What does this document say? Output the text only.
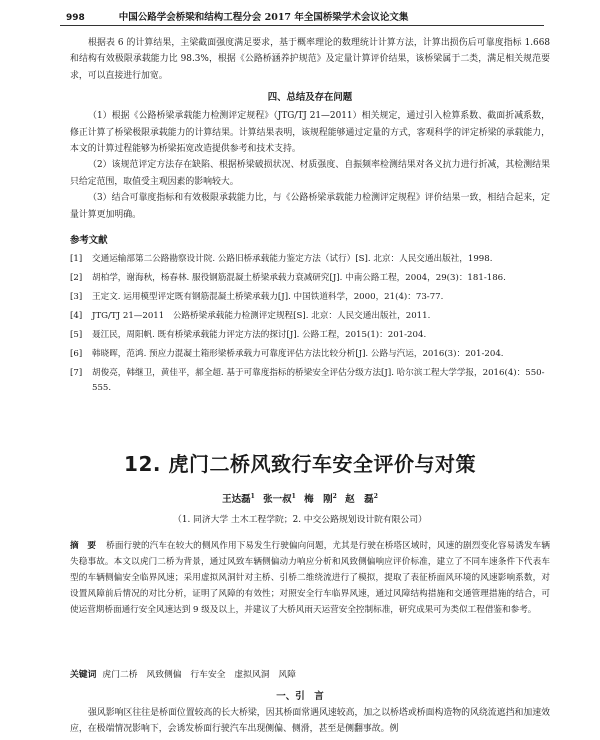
998	中国公路学会桥梁和结构工程分会 2017 年全国桥梁学术会议论文集

根据表 6 的计算结果，主梁截面强度满足要求，基于概率理论的数理统计计算方法，计算出损伤后可靠度指标 1.668 和结构有效极限承载能力比 98.3%，根据《公路桥涵养护规范》及定量计算评价结果，该桥梁属于二类，满足相关规范要求，可以直接进行加宽。

四、总结及存在问题

（1）根据《公路桥梁承载能力检测评定规程》（JTG/TJ 21—2011）相关规定，通过引入检算系数、截面折减系数，修正计算了桥梁极限承载能力的计算结果。计算结果表明，该规程能够通过定量的方式，客观科学的评定桥梁的承载能力，本文的计算过程能够为桥梁拓宽改造提供参考和技术支持。

（2）该规范评定方法存在缺陷、根据桥梁破损状况、材质强度、自振频率检测结果对各义抗力进行折减，其检测结果只给定范围，取值受主观因素的影响较大。

（3）结合可靠度指标和有效极限承载能力比，与《公路桥梁承载能力检测评定规程》评价结果一致，相结合起来，定量计算更加明确。

参考文献

[1]	交通运输部第二公路勘察设计院. 公路旧桥承载能力鉴定方法（试行）[S]. 北京：人民交通出版社，1998.
[2]	胡柏学，谢海秋，杨春林. 服役钢筋混凝土桥梁承载力衰减研究[J]. 中南公路工程，2004，29(3)：181-186.
[3]	王定文. 运用模型评定既有钢筋混凝土桥梁承载力[J]. 中国铁道科学，2000，21(4)：73-77.
[4]	JTG/TJ 21—2011　公路桥梁承载能力检测评定规程[S]. 北京：人民交通出版社，2011.
[5]	聂江民，周阳帆. 既有桥梁承载能力评定方法的探讨[J]. 公路工程，2015(1)：201-204.
[6]	韩晓晖，范鸿. 预应力混凝土箱形梁桥承载力可靠度评估方法比较分析[J]. 公路与汽运，2016(3)：201-204.
[7]	胡俊亮，韩继卫，黄佳平，郝全超. 基于可靠度指标的桥梁安全评估分级方法[J]. 哈尔滨工程大学学报，2016(4)：550-555.
12. 虎门二桥风致行车安全评价与对策
王达磊$^1$ 张一叔$^1$ 梅　刚$^2$ 赵　磊$^2$
（1. 同济大学 土木工程学院；2. 中交公路规划设计院有限公司）

摘　要 桥面行驶的汽车在较大的侧风作用下易发生行驶偏向问题，尤其是行驶在桥塔区域时，风速的剧烈变化容易诱发车辆失稳事故。本文以虎门二桥为背景，通过风致车辆侧偏动力响应分析和风致侧偏响应评价标准，建立了不同车速条件下代表车型的车辆侧偏安全临界风速；采用虚拟风洞针对主桥、引桥二维绕流进行了模拟，提取了表征桥面风环境的风速影响系数，对设置风障前后情况的对比分析，证明了风障的有效性；对照安全行车临界风速，通过风障结构措施和交通管理措施的结合，可使运营期桥面通行安全风速达到 9 级及以上，并建议了大桥风雨天运营安全控制标准，研究成果可为类似工程借鉴和参考。

关键词 虎门二桥　风致侧偏　行车安全　虚拟风洞　风障

一、引　言

强风影响区往往是桥面位置较高的长大桥梁，因其桥面常遇风速较高，加之以桥塔或桥面构造物的风绕流遮挡和加速效应，在极端情况影响下，会诱发桥面行驶汽车出现侧偏、侧滑，甚至是侧翻事故。例
